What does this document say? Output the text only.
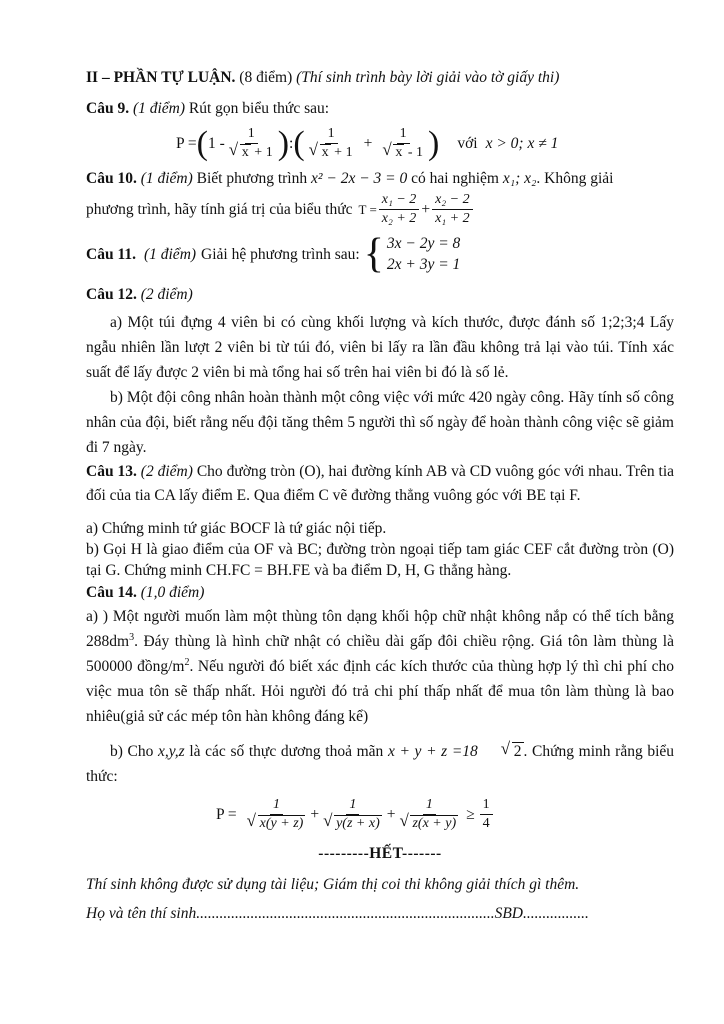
II – PHẦN TỰ LUẬN. (8 điểm) (Thí sinh trình bày lời giải vào tờ giấy thi)

Câu 9. (1 điểm) Rút gọn biểu thức sau:

P = ( 1 - 1
√ x + 1 ) : ( 1
√ x + 1 + 1
√ x - 1 ) với x > 0; x ≠ 1

Câu 10. (1 điểm) Biết phương trình x² − 2x − 3 = 0 có hai nghiệm x₁; x₂. Không giải

phương trình, hãy tính giá trị của biểu thức $T = \frac{\text{x₁ − 2}}{\text{x₂ + 2}} + \frac{\text{x₂ − 2}}{\text{x₁ + 2}}$
Câu 11. (1 điểm) Giải hệ phương trình sau: { 3x − 2y = 8
2x + 3y = 1

Câu 12. (2 điểm)

a) Một túi đựng 4 viên bi có cùng khối lượng và kích thước, được đánh số 1;2;3;4 Lấy ngẫu nhiên lần lượt 2 viên bi từ túi đó, viên bi lấy ra lần đầu không trả lại vào túi. Tính xác suất để lấy được 2 viên bi mà tổng hai số trên hai viên bi đó là số lẻ.

b) Một đội công nhân hoàn thành một công việc với mức 420 ngày công. Hãy tính số công nhân của đội, biết rằng nếu đội tăng thêm 5 người thì số ngày để hoàn thành công việc sẽ giảm đi 7 ngày.

Câu 13. (2 điểm) Cho đường tròn (O), hai đường kính AB và CD vuông góc với nhau. Trên tia đối của tia CA lấy điểm E. Qua điểm C vẽ đường thẳng vuông góc với BE tại F.

a) Chứng minh tứ giác BOCF là tứ giác nội tiếp.

b) Gọi H là giao điểm của OF và BC; đường tròn ngoại tiếp tam giác CEF cắt đường tròn (O) tại G. Chứng minh CH.FC = BH.FE và ba điểm D, H, G thẳng hàng.

Câu 14. (1,0 điểm)

a) ) Một người muốn làm một thùng tôn dạng khối hộp chữ nhật không nắp có thể tích bằng $288dm^3$. Đáy thùng là hình chữ nhật có chiều dài gấp đôi chiều rộng. Giá tôn làm thùng là 500000 đồng/$m^2$. Nếu người đó biết xác định các kích thước của thùng hợp lý thì chi phí cho việc mua tôn sẽ thấp nhất. Hỏi người đó trả chi phí thấp nhất để mua tôn làm thùng là bao nhiêu(giả sử các mép tôn hàn không đáng kể)

b) Cho x,y,z là các số thực dương thoả mãn x + y + z =18√ 2 . Chứng minh rằng biểu thức:

P = 1
√ x(y + z) + 1
√ y(z + x) + 1
√ $z(x + y) \ge \frac{1}{4}$

---------HẾT-------

Thí sinh không được sử dụng tài liệu; Giám thị coi thi không giải thích gì thêm.

Họ và tên thí sinh.............................................................................SBD.................
